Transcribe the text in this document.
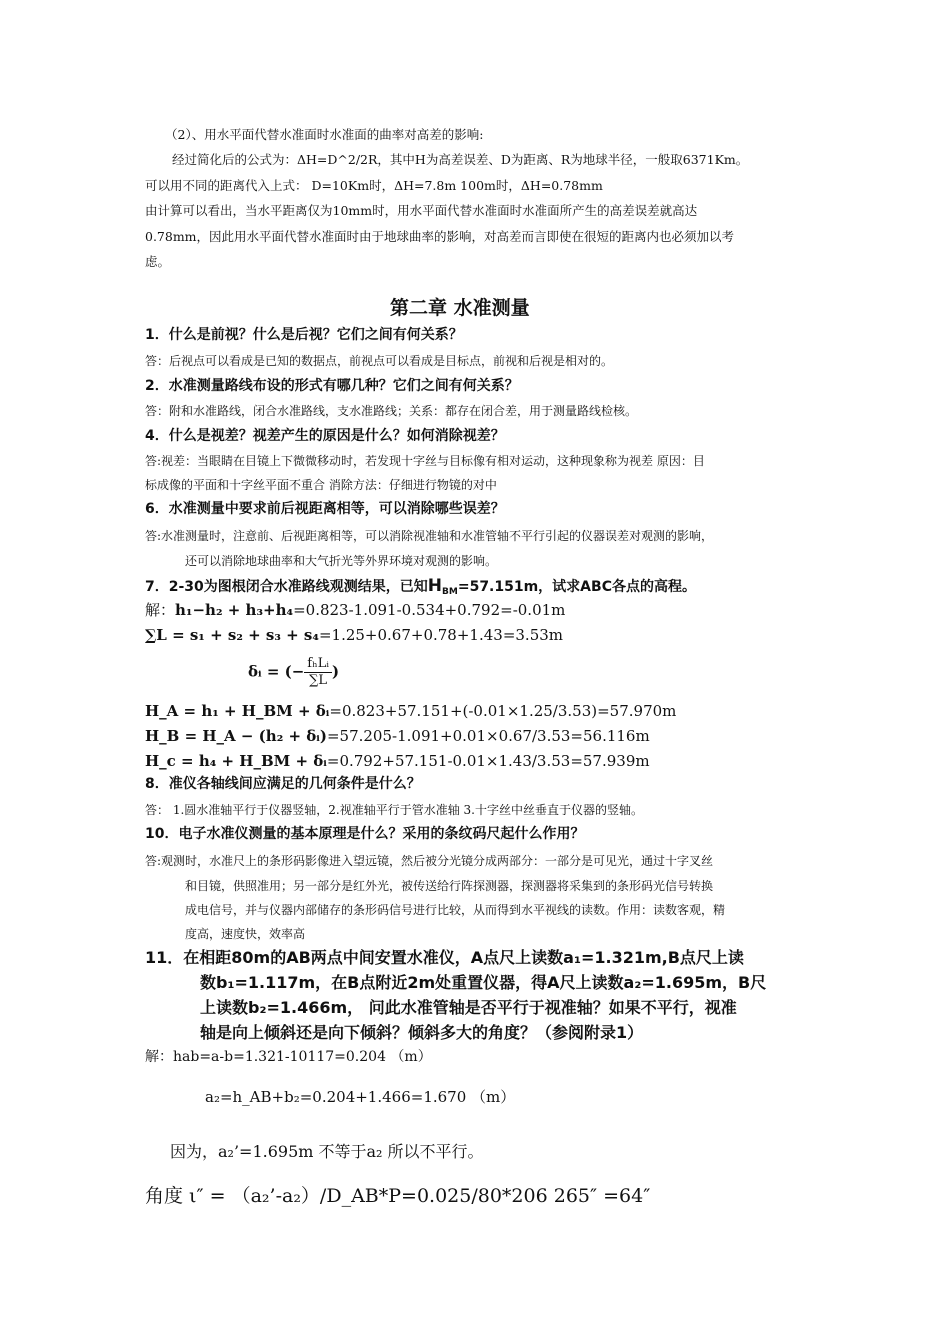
（2）、用水平面代替水准面时水准面的曲率对高差的影响:
经过简化后的公式为：ΔH=D^2/2R，其中H为高差误差、D为距离、R为地球半径，一般取6371Km。
可以用不同的距离代入上式： D=10Km时，ΔH=7.8m 100m时，ΔH=0.78mm
由计算可以看出，当水平距离仅为10mm时，用水平面代替水准面时水准面所产生的高差误差就高达
0.78mm，因此用水平面代替水准面时由于地球曲率的影响，对高差而言即使在很短的距离内也必须加以考
虑。
第二章 水准测量
1．什么是前视？什么是后视？它们之间有何关系？
答：后视点可以看成是已知的数据点，前视点可以看成是目标点，前视和后视是相对的。
2．水准测量路线布设的形式有哪几种？它们之间有何关系？
答：附和水准路线，闭合水准路线，支水准路线；关系：都存在闭合差，用于测量路线检核。
4．什么是视差？视差产生的原因是什么？如何消除视差？
答:视差：当眼睛在目镜上下微微移动时，若发现十字丝与目标像有相对运动，这种现象称为视差 原因：目
标成像的平面和十字丝平面不重合 消除方法：仔细进行物镜的对中
6．水准测量中要求前后视距离相等，可以消除哪些误差？
答:水准测量时，注意前、后视距离相等，可以消除视准轴和水准管轴不平行引起的仪器误差对观测的影响，
还可以消除地球曲率和大气折光等外界环境对观测的影响。
7．2-30为图根闭合水准路线观测结果，已知$H_{BM}=57.151m$，试求ABC各点的高程。
解：h₁−h₂ + h₃+h₄=0.823-1.091-0.534+0.792=-0.01m
∑L = s₁ + s₂ + s₃ + s₄=1.25+0.67+0.78+1.43=3.53m
δᵢ = (− $\frac{\text{fₕLᵢ}}{\sum L}$ )
H_A = h₁ + H_BM + δᵢ=0.823+57.151+(-0.01×1.25/3.53)=57.970m
H_B = H_A − (h₂ + δᵢ)=57.205-1.091+0.01×0.67/3.53=56.116m
H_c = h₄ + H_BM + δᵢ=0.792+57.151-0.01×1.43/3.53=57.939m
8．准仪各轴线间应满足的几何条件是什么？
答： 1.圆水准轴平行于仪器竖轴，2.视准轴平行于管水准轴 3.十字丝中丝垂直于仪器的竖轴。
10．电子水准仪测量的基本原理是什么？采用的条纹码尺起什么作用？
答:观测时，水准尺上的条形码影像进入望远镜，然后被分光镜分成两部分：一部分是可见光，通过十字叉丝
和目镜，供照准用；另一部分是红外光，被传送给行阵探测器，探测器将采集到的条形码光信号转换
成电信号，并与仪器内部储存的条形码信号进行比较，从而得到水平视线的读数。作用：读数客观，精
度高，速度快，效率高
11．在相距80m的AB两点中间安置水准仪，A点尺上读数a₁=1.321m,B点尺上读
数b₁=1.117m，在B点附近2m处重置仪器，得A尺上读数a₂=1.695m，B尺
上读数b₂=1.466m， 问此水准管轴是否平行于视准轴？如果不平行，视准
轴是向上倾斜还是向下倾斜？倾斜多大的角度？（参阅附录1）
解：hab=a-b=1.321-10117=0.204 （m）
a₂=h_AB+b₂=0.204+1.466=1.670 （m）
因为，a₂’=1.695m 不等于a₂ 所以不平行。
角度 ι″ = （a₂’-a₂）/D_AB*P=0.025/80*206 265″ =64″
